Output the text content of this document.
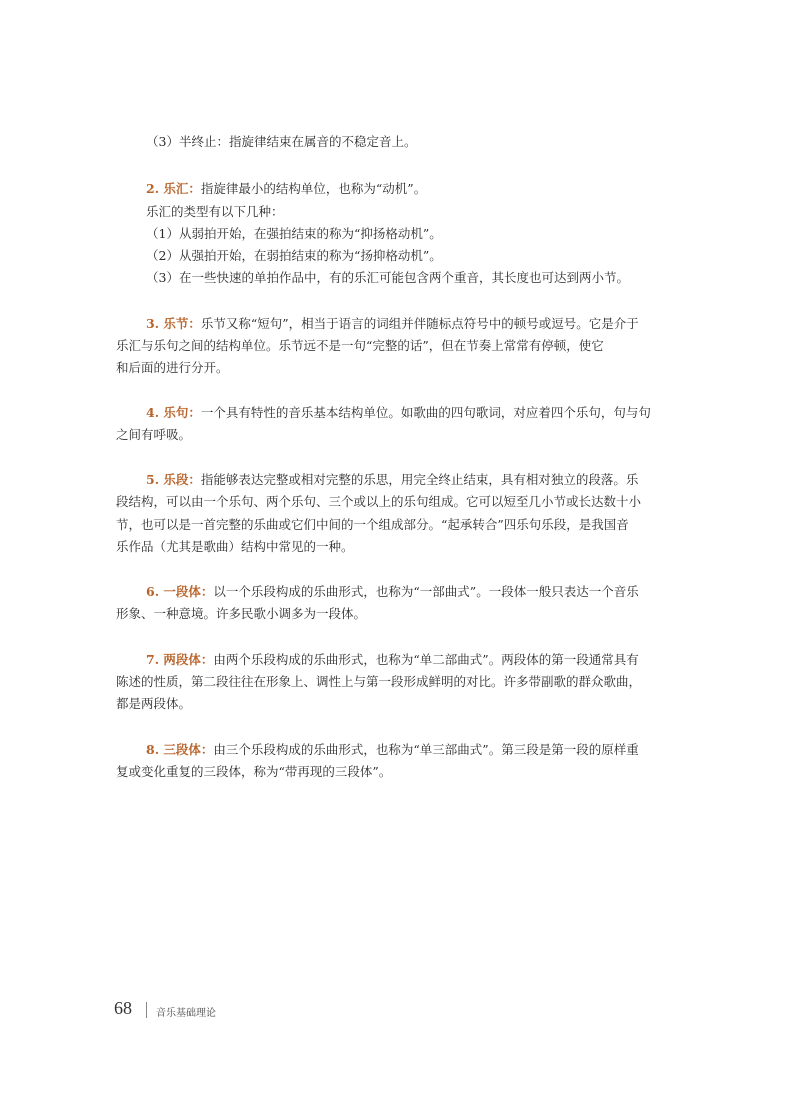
（3）半终止：指旋律结束在属音的不稳定音上。
2. 乐汇：指旋律最小的结构单位，也称为“动机”。
乐汇的类型有以下几种：
（1）从弱拍开始，在强拍结束的称为“抑扬格动机”。
（2）从强拍开始，在弱拍结束的称为“扬抑格动机”。
（3）在一些快速的单拍作品中，有的乐汇可能包含两个重音，其长度也可达到两小节。
3. 乐节：乐节又称“短句”，相当于语言的词组并伴随标点符号中的顿号或逗号。它是介于
乐汇与乐句之间的结构单位。乐节远不是一句“完整的话”，但在节奏上常常有停顿，使它
和后面的进行分开。
4. 乐句：一个具有特性的音乐基本结构单位。如歌曲的四句歌词，对应着四个乐句，句与句
之间有呼吸。
5. 乐段：指能够表达完整或相对完整的乐思，用完全终止结束，具有相对独立的段落。乐
段结构，可以由一个乐句、两个乐句、三个或以上的乐句组成。它可以短至几小节或长达数十小
节，也可以是一首完整的乐曲或它们中间的一个组成部分。“起承转合”四乐句乐段，是我国音
乐作品（尤其是歌曲）结构中常见的一种。
6. 一段体：以一个乐段构成的乐曲形式，也称为“一部曲式”。一段体一般只表达一个音乐
形象、一种意境。许多民歌小调多为一段体。
7. 两段体：由两个乐段构成的乐曲形式，也称为“单二部曲式”。两段体的第一段通常具有
陈述的性质，第二段往往在形象上、调性上与第一段形成鲜明的对比。许多带副歌的群众歌曲，
都是两段体。
8. 三段体：由三个乐段构成的乐曲形式，也称为“单三部曲式”。第三段是第一段的原样重
复或变化重复的三段体，称为“带再现的三段体”。
68 音乐基础理论
